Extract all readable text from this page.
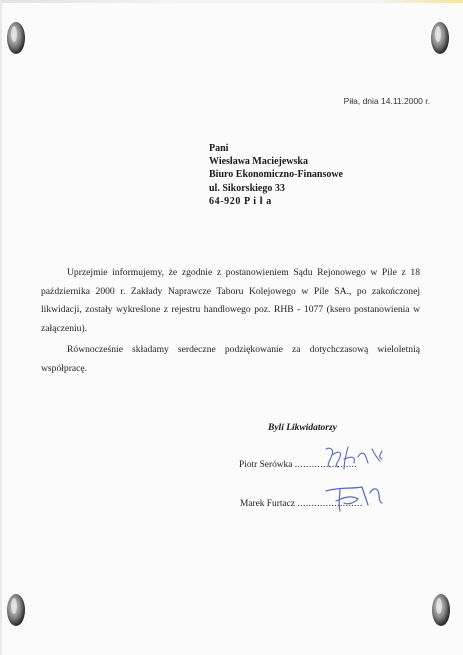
Piła, dnia 14.11.2000 r.
Pani
Wiesława Maciejewska
Biuro Ekonomiczno-Finansowe
ul. Sikorskiego 33
64-920 P i ł a

Uprzejmie informujemy, że zgodnie z postanowieniem Sądu Rejonowego w Pile z 18 października 2000 r. Zakłady Naprawcze Taboru Kolejowego w Pile SA., po zakończonej likwidacji, zostały wykreślone z rejestru handlowego poz. RHB - 1077 (ksero postanowienia w załączeniu).

Równocześnie składamy serdeczne podziękowanie za dotychczasową wieloletnią współpracę.

Byli Likwidatorzy
Piotr Serówka ......................
Marek Furtacz .......................
